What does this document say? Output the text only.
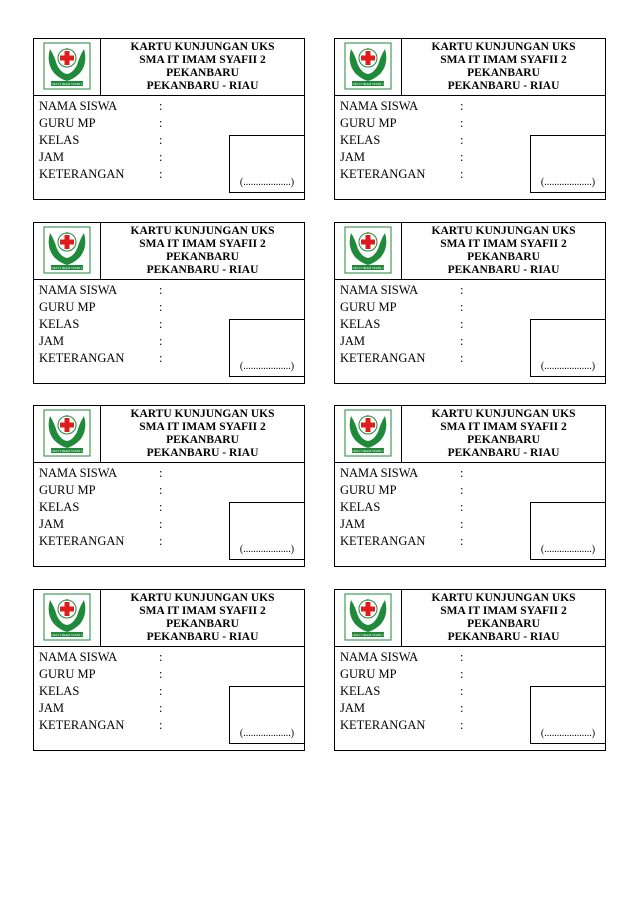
U
K	S
UKS IT IMAM SYAFII 2
KARTU KUNJUNGAN UKS
SMA IT IMAM SYAFII 2
PEKANBARU
PEKANBARU - RIAU
NAMA SISWA	:
GURU MP	:
KELAS	:
JAM	:
KETERANGAN	:
(...................)
U
K	S
UKS IT IMAM SYAFII 2
KARTU KUNJUNGAN UKS
SMA IT IMAM SYAFII 2
PEKANBARU
PEKANBARU - RIAU
NAMA SISWA	:
GURU MP	:
KELAS	:
JAM	:
KETERANGAN	:
(...................)
U
K	S
UKS IT IMAM SYAFII 2
KARTU KUNJUNGAN UKS
SMA IT IMAM SYAFII 2
PEKANBARU
PEKANBARU - RIAU
NAMA SISWA	:
GURU MP	:
KELAS	:
JAM	:
KETERANGAN	:
(...................)
U
K	S
UKS IT IMAM SYAFII 2
KARTU KUNJUNGAN UKS
SMA IT IMAM SYAFII 2
PEKANBARU
PEKANBARU - RIAU
NAMA SISWA	:
GURU MP	:
KELAS	:
JAM	:
KETERANGAN	:
(...................)
U
K	S
UKS IT IMAM SYAFII 2
KARTU KUNJUNGAN UKS
SMA IT IMAM SYAFII 2
PEKANBARU
PEKANBARU - RIAU
NAMA SISWA	:
GURU MP	:
KELAS	:
JAM	:
KETERANGAN	:
(...................)
U
K	S
UKS IT IMAM SYAFII 2
KARTU KUNJUNGAN UKS
SMA IT IMAM SYAFII 2
PEKANBARU
PEKANBARU - RIAU
NAMA SISWA	:
GURU MP	:
KELAS	:
JAM	:
KETERANGAN	:
(...................)
U
K	S
UKS IT IMAM SYAFII 2
KARTU KUNJUNGAN UKS
SMA IT IMAM SYAFII 2
PEKANBARU
PEKANBARU - RIAU
NAMA SISWA	:
GURU MP	:
KELAS	:
JAM	:
KETERANGAN	:
(...................)
U
K	S
UKS IT IMAM SYAFII 2
KARTU KUNJUNGAN UKS
SMA IT IMAM SYAFII 2
PEKANBARU
PEKANBARU - RIAU
NAMA SISWA	:
GURU MP	:
KELAS	:
JAM	:
KETERANGAN	:
(...................)
